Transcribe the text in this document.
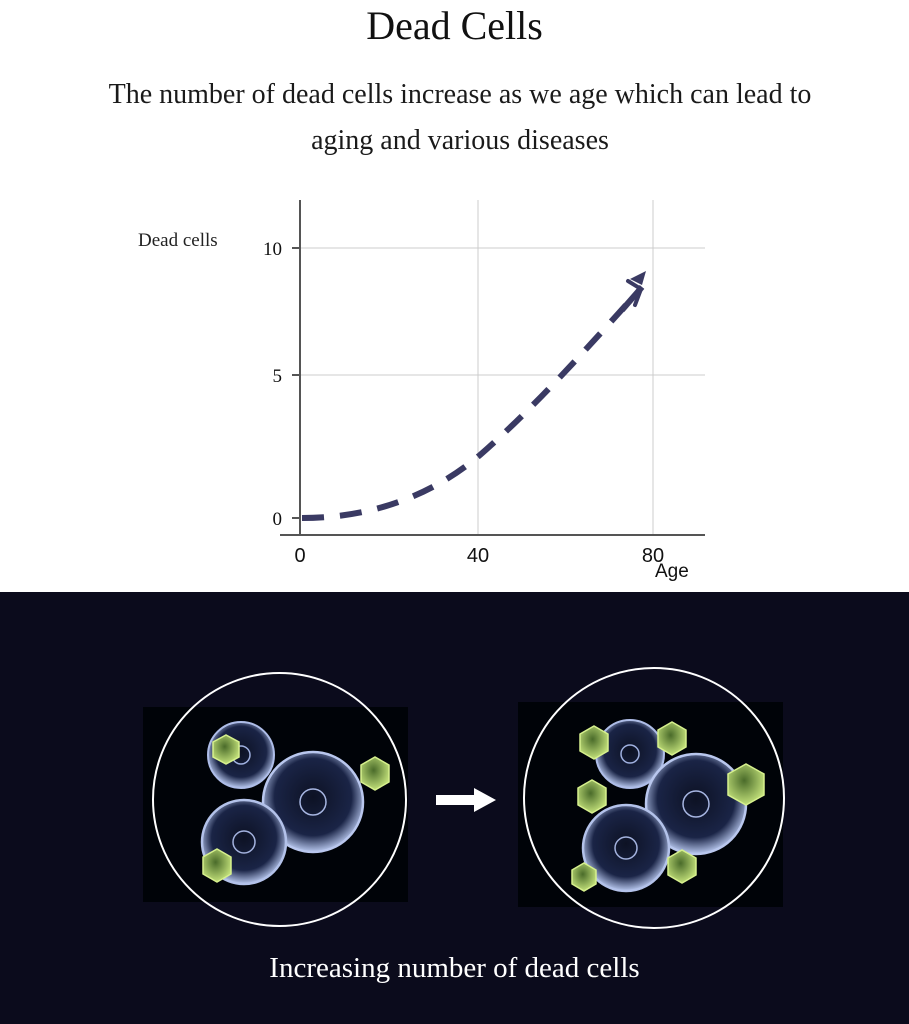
Dead Cells
The number of dead cells increase as we age which can lead to aging and various diseases
Dead cells
Age
10
5
0
0	40	80
Increasing number of dead cells
